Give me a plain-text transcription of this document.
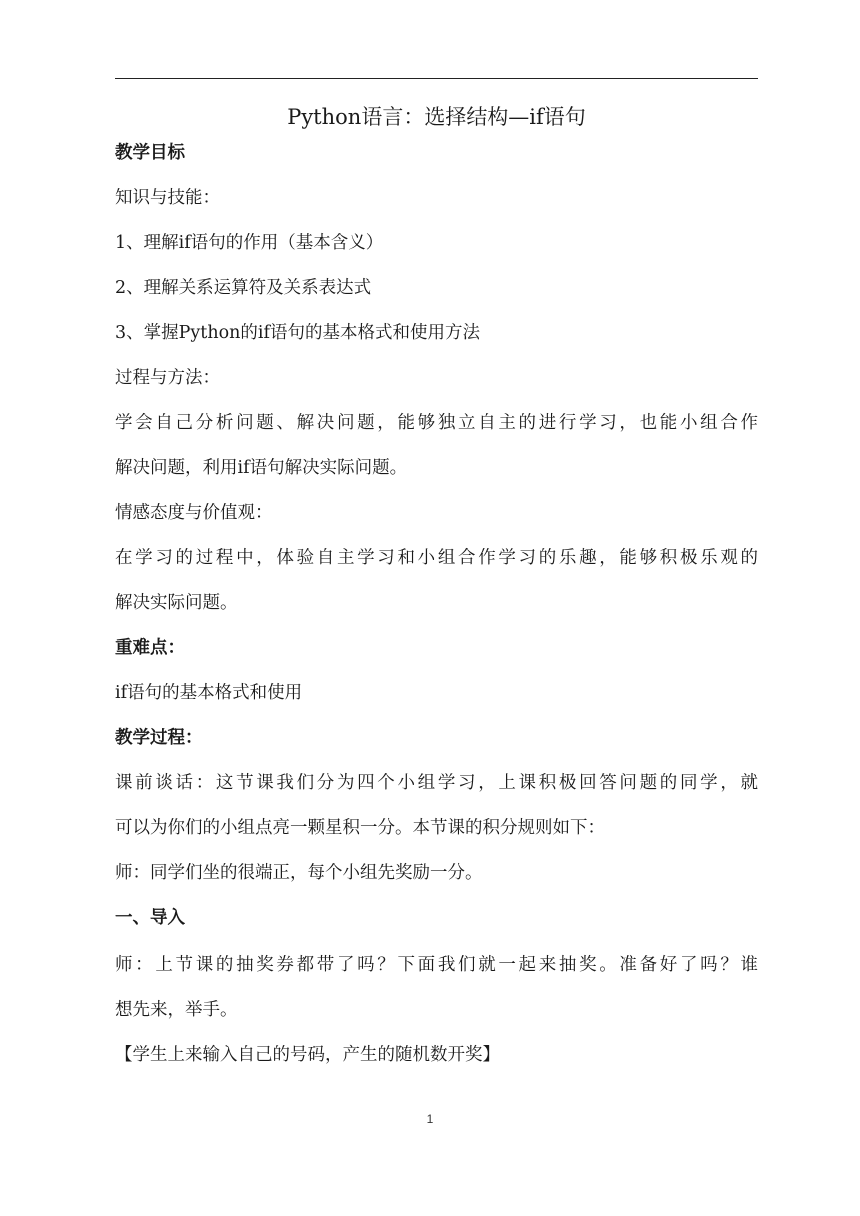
Python语言：选择结构—if语句

教学目标

知识与技能：

1、理解if语句的作用（基本含义）

2、理解关系运算符及关系表达式

3、掌握Python的if语句的基本格式和使用方法

过程与方法：

学会自己分析问题、解决问题，能够独立自主的进行学习，也能小组合作

解决问题，利用if语句解决实际问题。

情感态度与价值观：

在学习的过程中，体验自主学习和小组合作学习的乐趣，能够积极乐观的

解决实际问题。

重难点：

if语句的基本格式和使用

教学过程：

课前谈话：这节课我们分为四个小组学习，上课积极回答问题的同学，就

可以为你们的小组点亮一颗星积一分。本节课的积分规则如下：

师：同学们坐的很端正，每个小组先奖励一分。

一、导入

师：上节课的抽奖券都带了吗？下面我们就一起来抽奖。准备好了吗？谁

想先来，举手。

【学生上来输入自己的号码，产生的随机数开奖】

1
